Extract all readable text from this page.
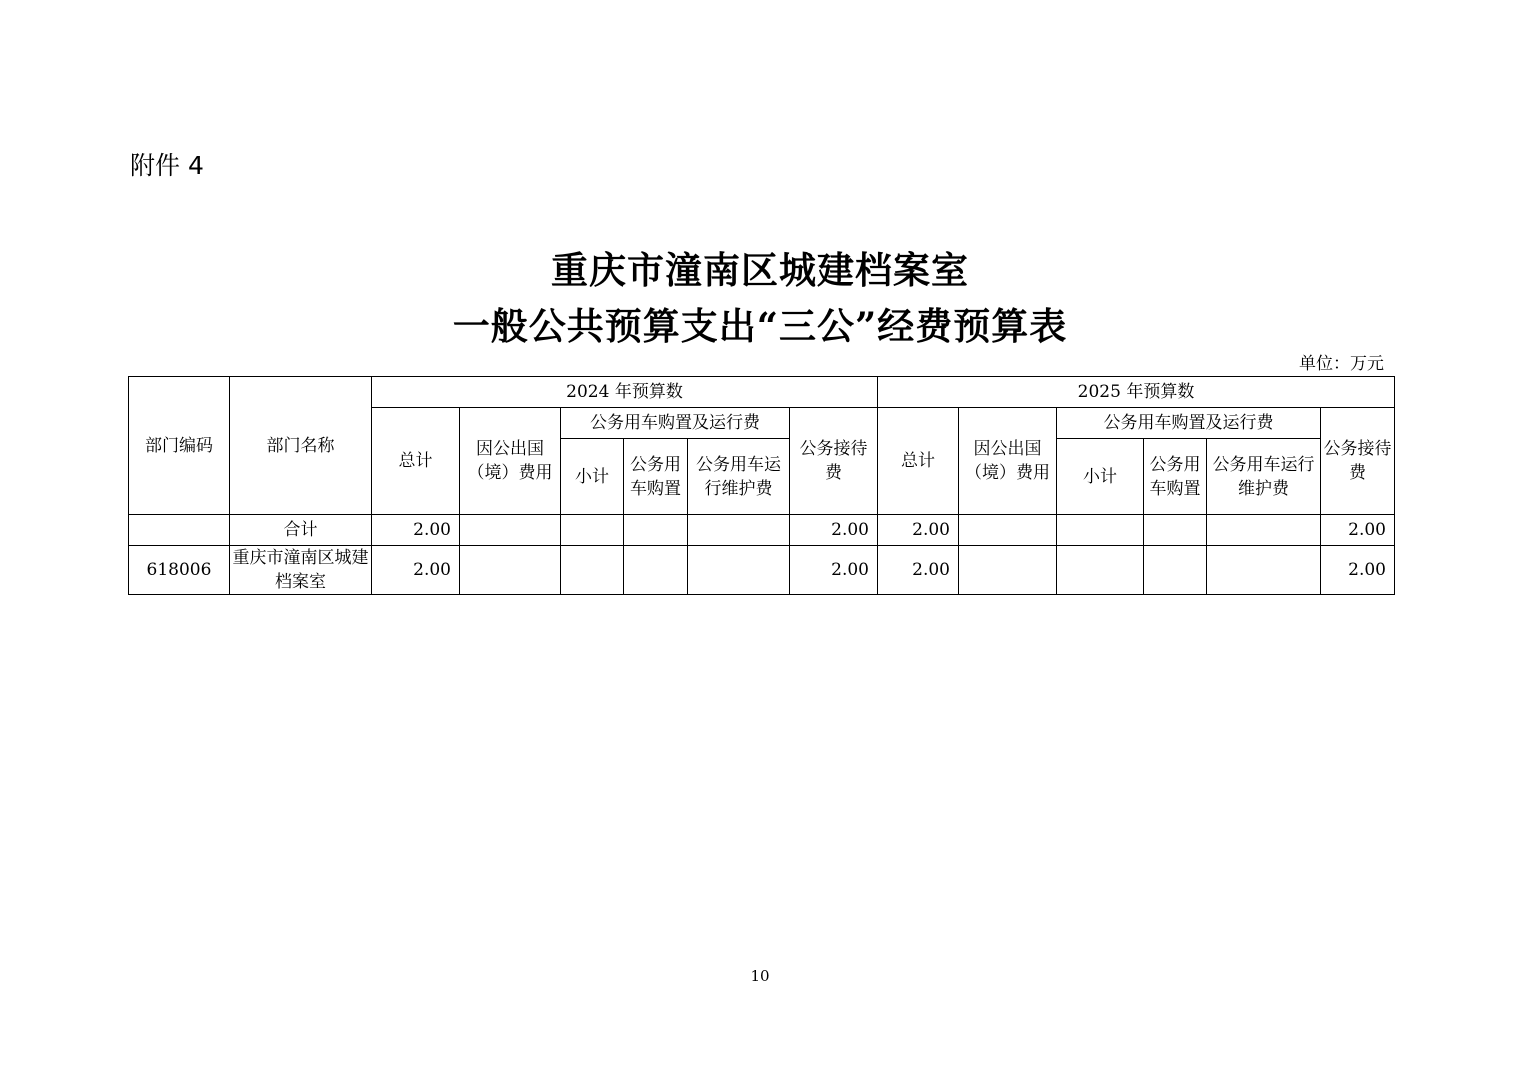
附件 4
重庆市潼南区城建档案室
一般公共预算支出“三公”经费预算表
单位：万元
部门编码	部门名称	2024 年预算数						2025 年预算数					
		总计	因公出国（境）费用	公务用车购置及运行费			公务接待费	总计	因公出国（境）费用	公务用车购置及运行费			公务接待费
				小计	公务用车购置	公务用车运行维护费				小计	公务用车购置	公务用车运行维护费	
	合计	2.00					2.00	2.00					2.00
618006	重庆市潼南区城建档案室	2.00					2.00	2.00					2.00
10
